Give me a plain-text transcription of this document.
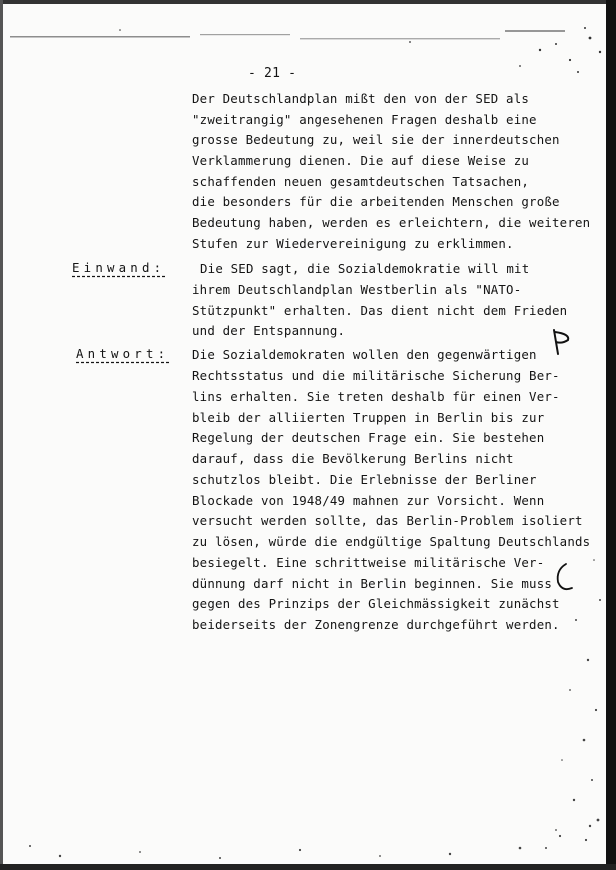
- 21 -
Der Deutschlandplan mißt den von der SED als
"zweitrangig" angesehenen Fragen deshalb eine
grosse Bedeutung zu, weil sie der innerdeutschen
Verklammerung dienen. Die auf diese Weise zu
schaffenden neuen gesamtdeutschen Tatsachen,
die besonders für die arbeitenden Menschen große
Bedeutung haben, werden es erleichtern, die weiteren
Stufen zur Wiedervereinigung zu erklimmen.
Einwand:	Die SED sagt, die Sozialdemokratie will mit
ihrem Deutschlandplan Westberlin als "NATO-
Stützpunkt" erhalten. Das dient nicht dem Frieden
und der Entspannung.
Antwort: Die Sozialdemokraten wollen den gegenwärtigen
Rechtsstatus und die militärische Sicherung Ber-
lins erhalten. Sie treten deshalb für einen Ver-
bleib der alliierten Truppen in Berlin bis zur
Regelung der deutschen Frage ein. Sie bestehen
darauf, dass die Bevölkerung Berlins nicht
schutzlos bleibt. Die Erlebnisse der Berliner
Blockade von 1948/49 mahnen zur Vorsicht. Wenn
versucht werden sollte, das Berlin-Problem isoliert
zu lösen, würde die endgültige Spaltung Deutschlands
besiegelt. Eine schrittweise militärische Ver-
dünnung darf nicht in Berlin beginnen. Sie muss
gegen des Prinzips der Gleichmässigkeit zunächst
beiderseits der Zonengrenze durchgeführt werden.
